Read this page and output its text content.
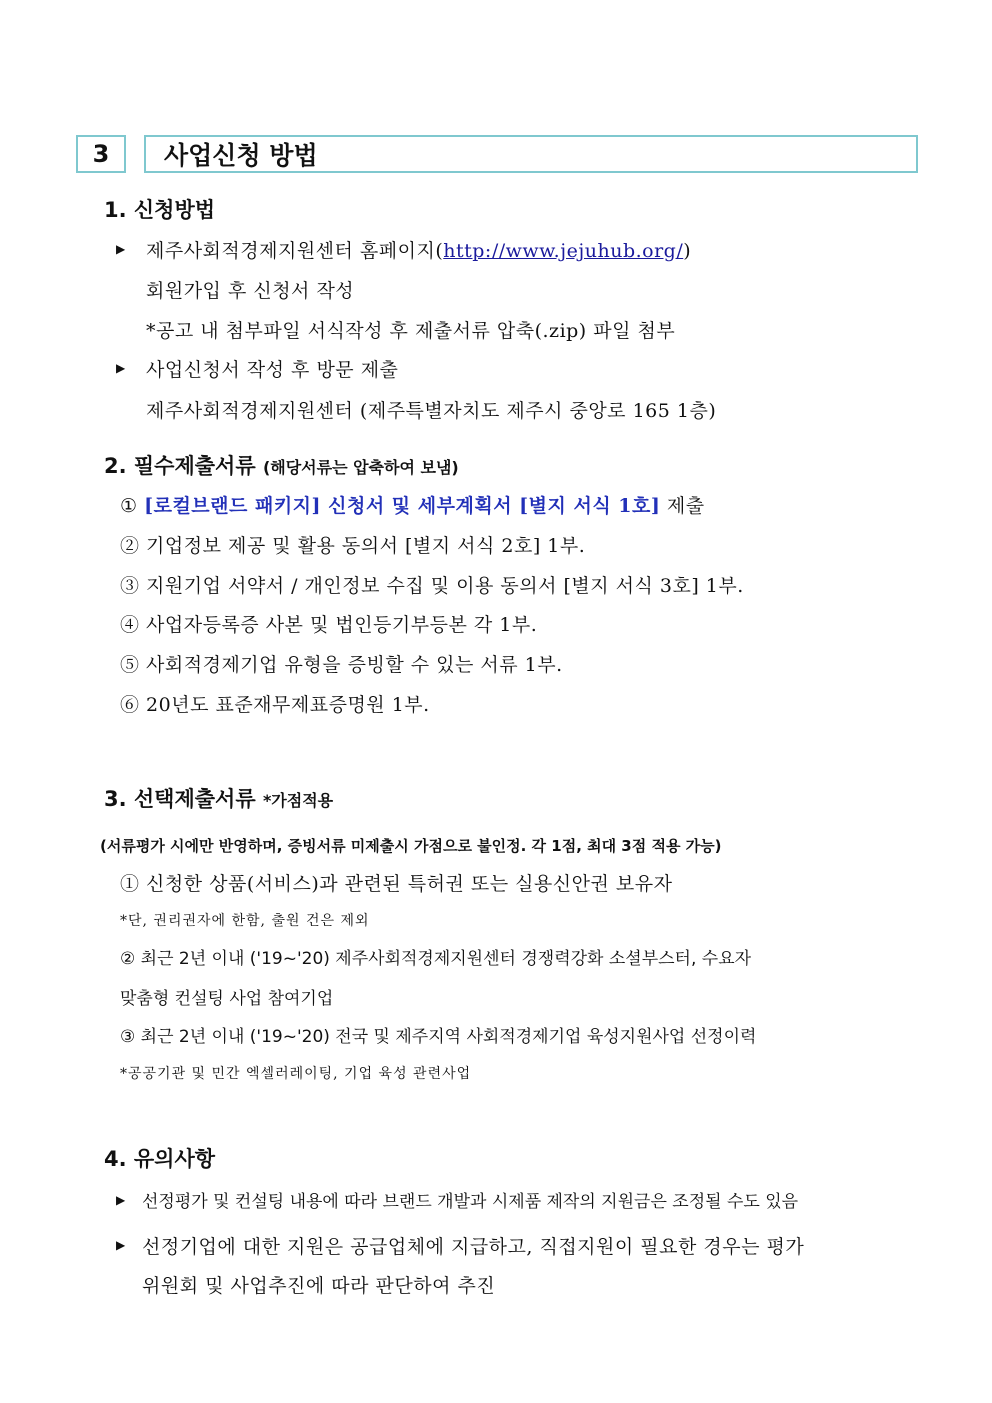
3 사업신청 방법
1. 신청방법
▶ 제주사회적경제지원센터 홈페이지(http://www.jejuhub.org/)
회원가입 후 신청서 작성
*공고 내 첨부파일 서식작성 후 제출서류 압축(.zip) 파일 첨부
▶ 사업신청서 작성 후 방문 제출
제주사회적경제지원센터 (제주특별자치도 제주시 중앙로 165 1층)
2. 필수제출서류 (해당서류는 압축하여 보냄)
① [로컬브랜드 패키지] 신청서 및 세부계획서 [별지 서식 1호] 제출
② 기업정보 제공 및 활용 동의서 [별지 서식 2호] 1부.
③ 지원기업 서약서 / 개인정보 수집 및 이용 동의서 [별지 서식 3호] 1부.
④ 사업자등록증 사본 및 법인등기부등본 각 1부.
⑤ 사회적경제기업 유형을 증빙할 수 있는 서류 1부.
⑥ 20년도 표준재무제표증명원 1부.
3. 선택제출서류 *가점적용
(서류평가 시에만 반영하며, 증빙서류 미제출시 가점으로 불인정. 각 1점, 최대 3점 적용 가능)
① 신청한 상품(서비스)과 관련된 특허권 또는 실용신안권 보유자
*단, 권리권자에 한함, 출원 건은 제외
② 최근 2년 이내 ('19~'20) 제주사회적경제지원센터 경쟁력강화 소셜부스터, 수요자
맞춤형 컨설팅 사업 참여기업
③ 최근 2년 이내 ('19~'20) 전국 및 제주지역 사회적경제기업 육성지원사업 선정이력
*공공기관 및 민간 엑셀러레이팅, 기업 육성 관련사업
4. 유의사항
▶ 선정평가 및 컨설팅 내용에 따라 브랜드 개발과 시제품 제작의 지원금은 조정될 수도 있음
▶ 선정기업에 대한 지원은 공급업체에 지급하고, 직접지원이 필요한 경우는 평가
위원회 및 사업추진에 따라 판단하여 추진
